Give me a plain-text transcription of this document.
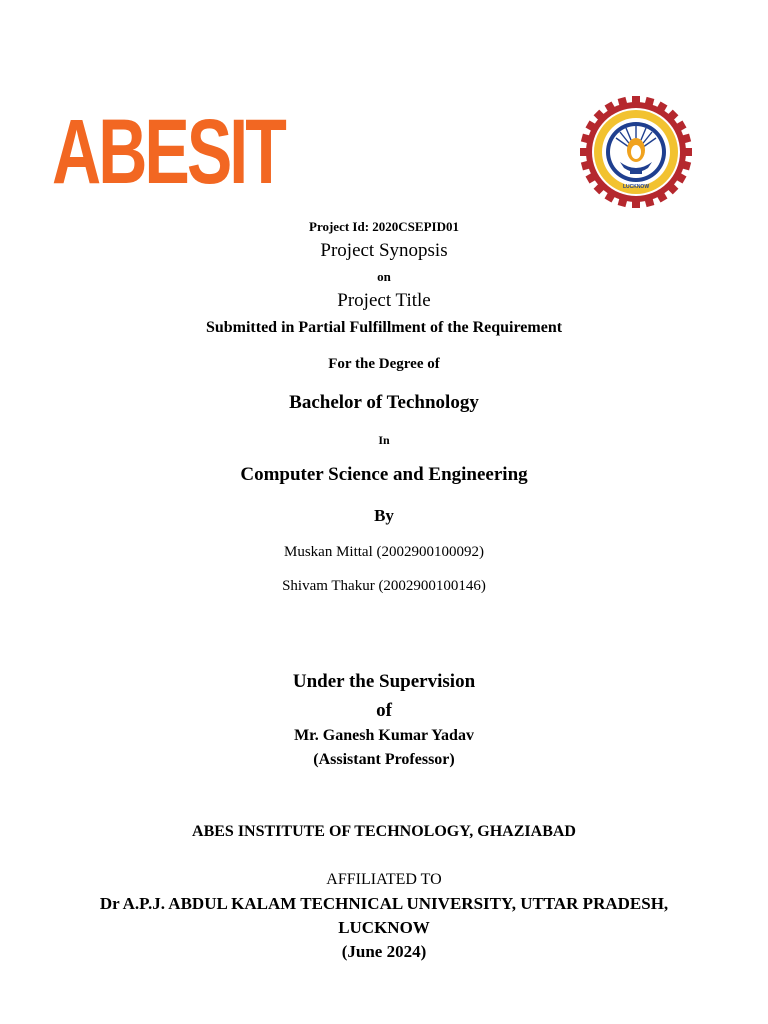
ABESIT	LUCKNOW
Project Id: 2020CSEPID01
Project Synopsis
on
Project Title
Submitted in Partial Fulfillment of the Requirement
For the Degree of
Bachelor of Technology
In
Computer Science and Engineering
By
Muskan Mittal (2002900100092)
Shivam Thakur (2002900100146)
Under the Supervision
of
Mr. Ganesh Kumar Yadav
(Assistant Professor)
ABES INSTITUTE OF TECHNOLOGY, GHAZIABAD
AFFILIATED TO
Dr A.P.J. ABDUL KALAM TECHNICAL UNIVERSITY, UTTAR PRADESH,
LUCKNOW
(June 2024)
